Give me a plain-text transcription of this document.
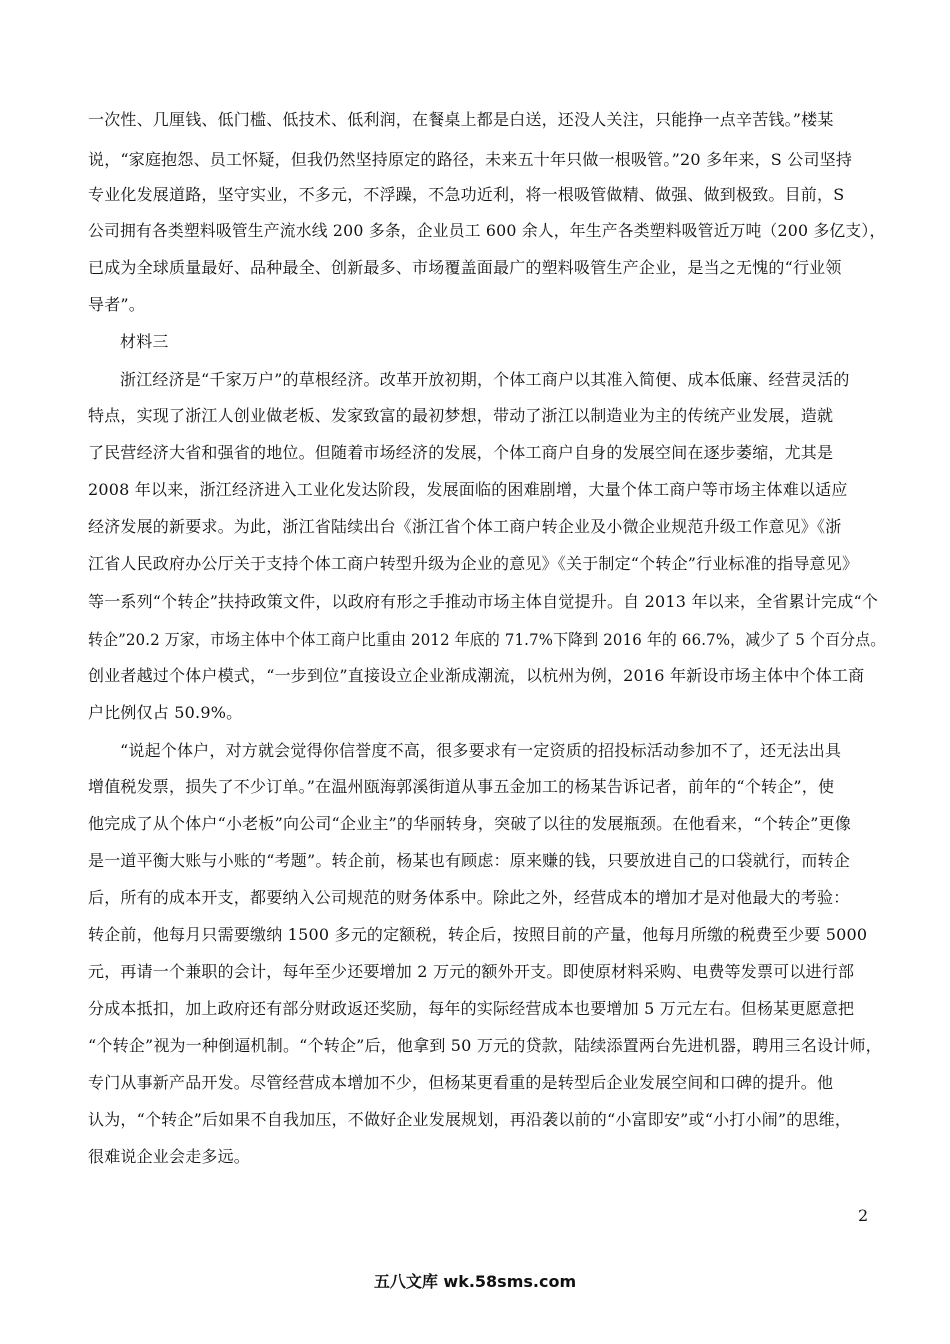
一次性、几厘钱、低门槛、低技术、低利润，在餐桌上都是白送，还没人关注，只能挣一点辛苦钱。”楼某
说，“家庭抱怨、员工怀疑，但我仍然坚持原定的路径，未来五十年只做一根吸管。”20 多年来，S 公司坚持
专业化发展道路，坚守实业，不多元，不浮躁，不急功近利，将一根吸管做精、做强、做到极致。目前，S
公司拥有各类塑料吸管生产流水线 200 多条，企业员工 600 余人，年生产各类塑料吸管近万吨（200 多亿支），
已成为全球质量最好、品种最全、创新最多、市场覆盖面最广的塑料吸管生产企业，是当之无愧的“行业领
导者”。
材料三
浙江经济是“千家万户”的草根经济。改革开放初期，个体工商户以其准入简便、成本低廉、经营灵活的
特点，实现了浙江人创业做老板、发家致富的最初梦想，带动了浙江以制造业为主的传统产业发展，造就
了民营经济大省和强省的地位。但随着市场经济的发展，个体工商户自身的发展空间在逐步萎缩，尤其是
2008 年以来，浙江经济进入工业化发达阶段，发展面临的困难剧增，大量个体工商户等市场主体难以适应
经济发展的新要求。为此，浙江省陆续出台《浙江省个体工商户转企业及小微企业规范升级工作意见》《浙
江省人民政府办公厅关于支持个体工商户转型升级为企业的意见》《关于制定“个转企”行业标准的指导意见》
等一系列“个转企”扶持政策文件，以政府有形之手推动市场主体自觉提升。自 2013 年以来，全省累计完成“个
转企”20.2 万家，市场主体中个体工商户比重由 2012 年底的 71.7%下降到 2016 年的 66.7%，减少了 5 个百分点。
创业者越过个体户模式，“一步到位”直接设立企业渐成潮流，以杭州为例，2016 年新设市场主体中个体工商
户比例仅占 50.9%。
“说起个体户，对方就会觉得你信誉度不高，很多要求有一定资质的招投标活动参加不了，还无法出具
增值税发票，损失了不少订单。”在温州瓯海郭溪街道从事五金加工的杨某告诉记者，前年的“个转企”，使
他完成了从个体户“小老板”向公司“企业主”的华丽转身，突破了以往的发展瓶颈。在他看来，“个转企”更像
是一道平衡大账与小账的“考题”。转企前，杨某也有顾虑：原来赚的钱，只要放进自己的口袋就行，而转企
后，所有的成本开支，都要纳入公司规范的财务体系中。除此之外，经营成本的增加才是对他最大的考验：
转企前，他每月只需要缴纳 1500 多元的定额税，转企后，按照目前的产量，他每月所缴的税费至少要 5000
元，再请一个兼职的会计，每年至少还要增加 2 万元的额外开支。即使原材料采购、电费等发票可以进行部
分成本抵扣，加上政府还有部分财政返还奖励，每年的实际经营成本也要增加 5 万元左右。但杨某更愿意把
“个转企”视为一种倒逼机制。“个转企”后，他拿到 50 万元的贷款，陆续添置两台先进机器，聘用三名设计师，
专门从事新产品开发。尽管经营成本增加不少，但杨某更看重的是转型后企业发展空间和口碑的提升。他
认为，“个转企”后如果不自我加压，不做好企业发展规划，再沿袭以前的“小富即安”或“小打小闹”的思维，
很难说企业会走多远。
2
五八文库 wk.58sms.com
